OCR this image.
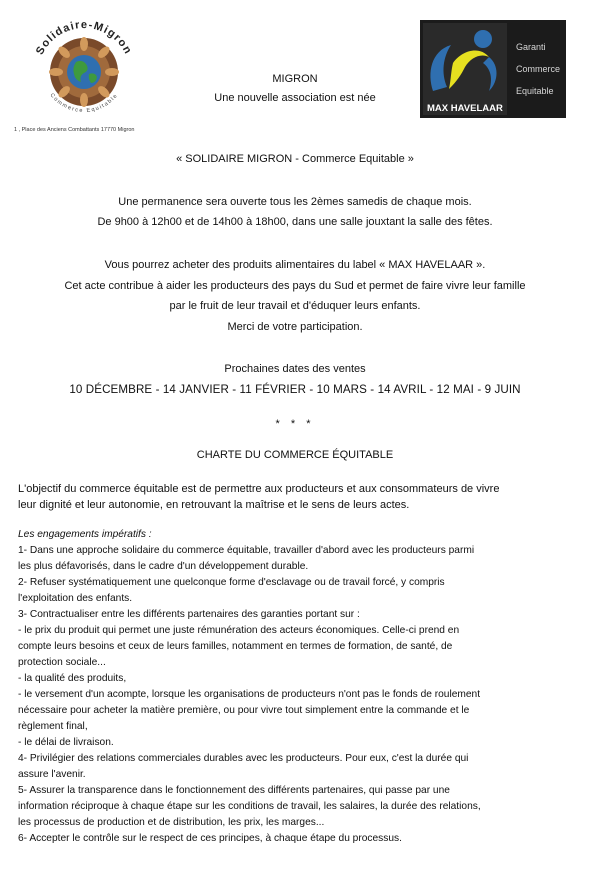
Solidaire-Migron
Commerce Equitable
1 , Place des Anciens Combattants 17770 Migron
MIGRON
Une nouvelle association est née
MAX HAVELAAR
Garanti
Commerce
Equitable
« SOLIDAIRE MIGRON - Commerce Equitable »
Une permanence sera ouverte tous les 2èmes samedis de chaque mois.
De 9h00 à 12h00 et de 14h00 à 18h00, dans une salle jouxtant la salle des fêtes.
Vous pourrez acheter des produits alimentaires du label « MAX HAVELAAR ».
Cet acte contribue à aider les producteurs des pays du Sud et permet de faire vivre leur famille
par le fruit de leur travail et d'éduquer leurs enfants.
Merci de votre participation.
Prochaines dates des ventes
10 DÉCEMBRE - 14 JANVIER - 11 FÉVRIER - 10 MARS - 14 AVRIL - 12 MAI - 9 JUIN
* * *
CHARTE DU COMMERCE ÉQUITABLE
L'objectif du commerce équitable est de permettre aux producteurs et aux consommateurs de vivre
leur dignité et leur autonomie, en retrouvant la maîtrise et le sens de leurs actes.
Les engagements impératifs :
1- Dans une approche solidaire du commerce équitable, travailler d'abord avec les producteurs parmi
les plus défavorisés, dans le cadre d'un développement durable.
2- Refuser systématiquement une quelconque forme d'esclavage ou de travail forcé, y compris
l'exploitation des enfants.
3- Contractualiser entre les différents partenaires des garanties portant sur :
- le prix du produit qui permet une juste rémunération des acteurs économiques. Celle-ci prend en
compte leurs besoins et ceux de leurs familles, notamment en termes de formation, de santé, de
protection sociale...
- la qualité des produits,
- le versement d'un acompte, lorsque les organisations de producteurs n'ont pas le fonds de roulement
nécessaire pour acheter la matière première, ou pour vivre tout simplement entre la commande et le
règlement final,
- le délai de livraison.
4- Privilégier des relations commerciales durables avec les producteurs. Pour eux, c'est la durée qui
assure l'avenir.
5- Assurer la transparence dans le fonctionnement des différents partenaires, qui passe par une
information réciproque à chaque étape sur les conditions de travail, les salaires, la durée des relations,
les processus de production et de distribution, les prix, les marges...
6- Accepter le contrôle sur le respect de ces principes, à chaque étape du processus.
